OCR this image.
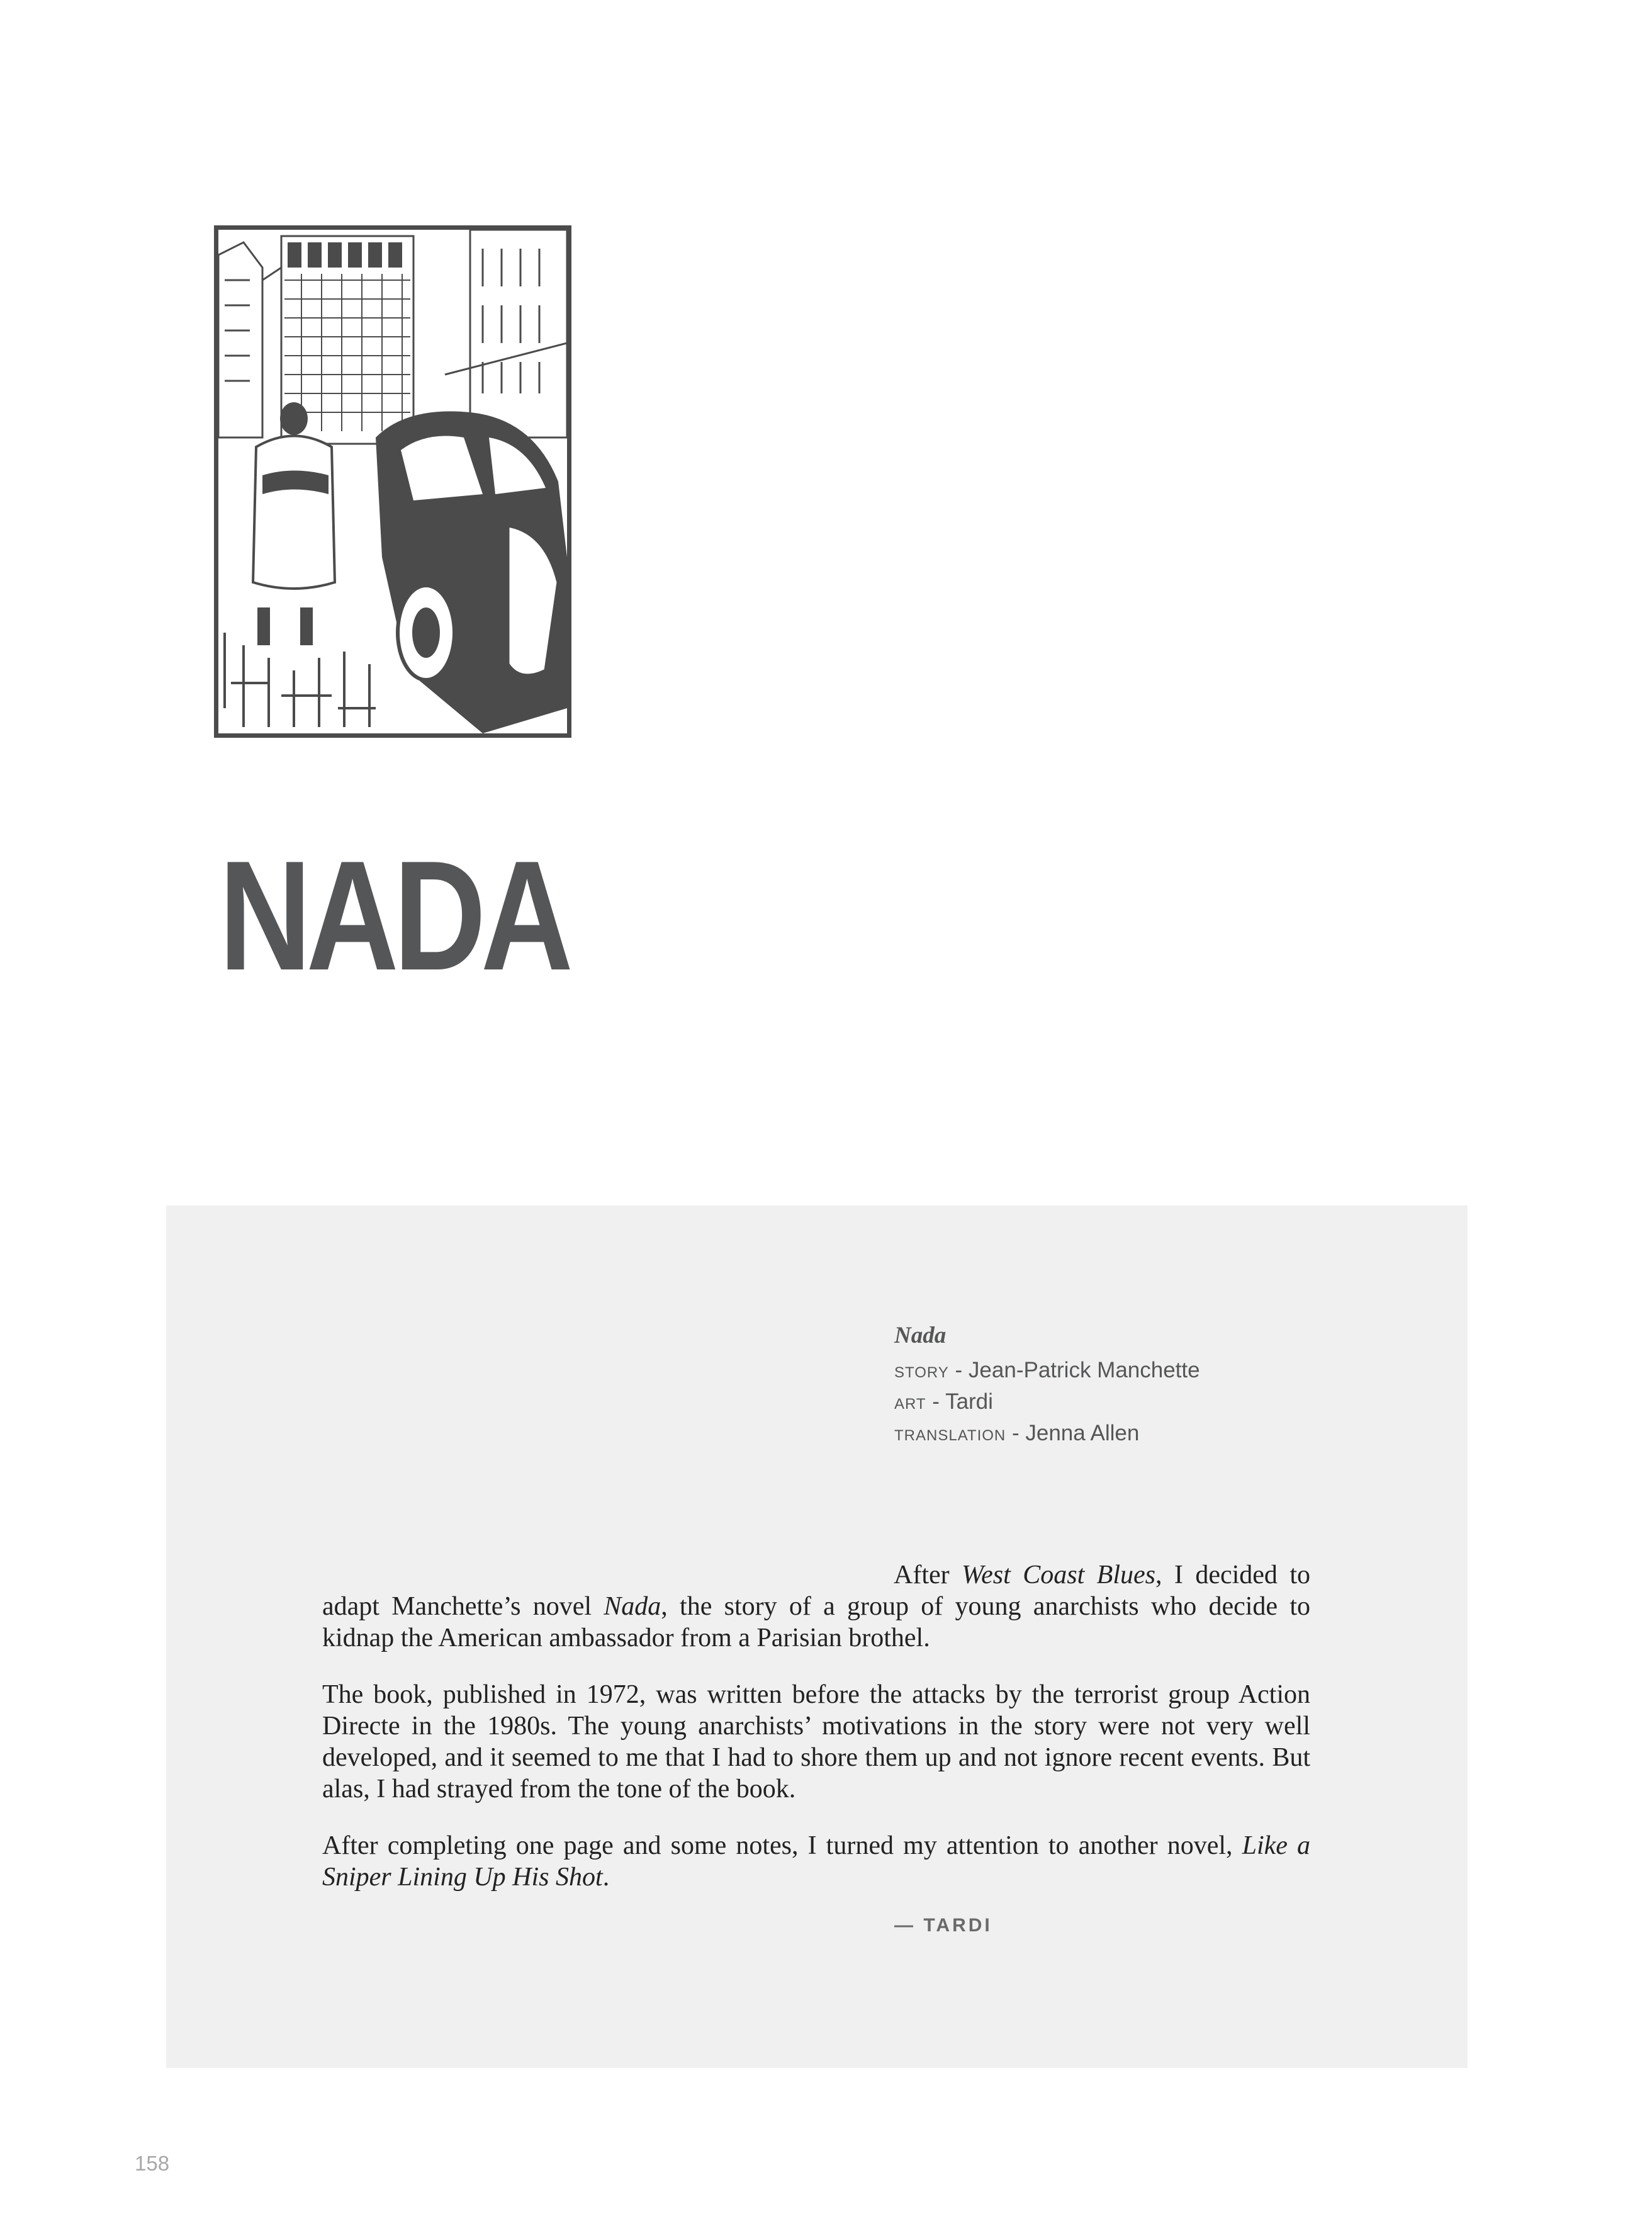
NADA

Nada

STORY - Jean-Patrick Manchette

ART - Tardi

TRANSLATION - Jenna Allen

After West Coast Blues, I decided to adapt Manchette’s novel Nada, the story of a group of young anarchists who decide to kidnap the American ambassador from a Parisian brothel.

The book, published in 1972, was written before the attacks by the terrorist group Action Directe in the 1980s. The young anarchists’ motivations in the story were not very well developed, and it seemed to me that I had to shore them up and not ignore recent events. But alas, I had strayed from the tone of the book.

After completing one page and some notes, I turned my attention to another novel, Like a Sniper Lining Up His Shot.

— TARDI
158
